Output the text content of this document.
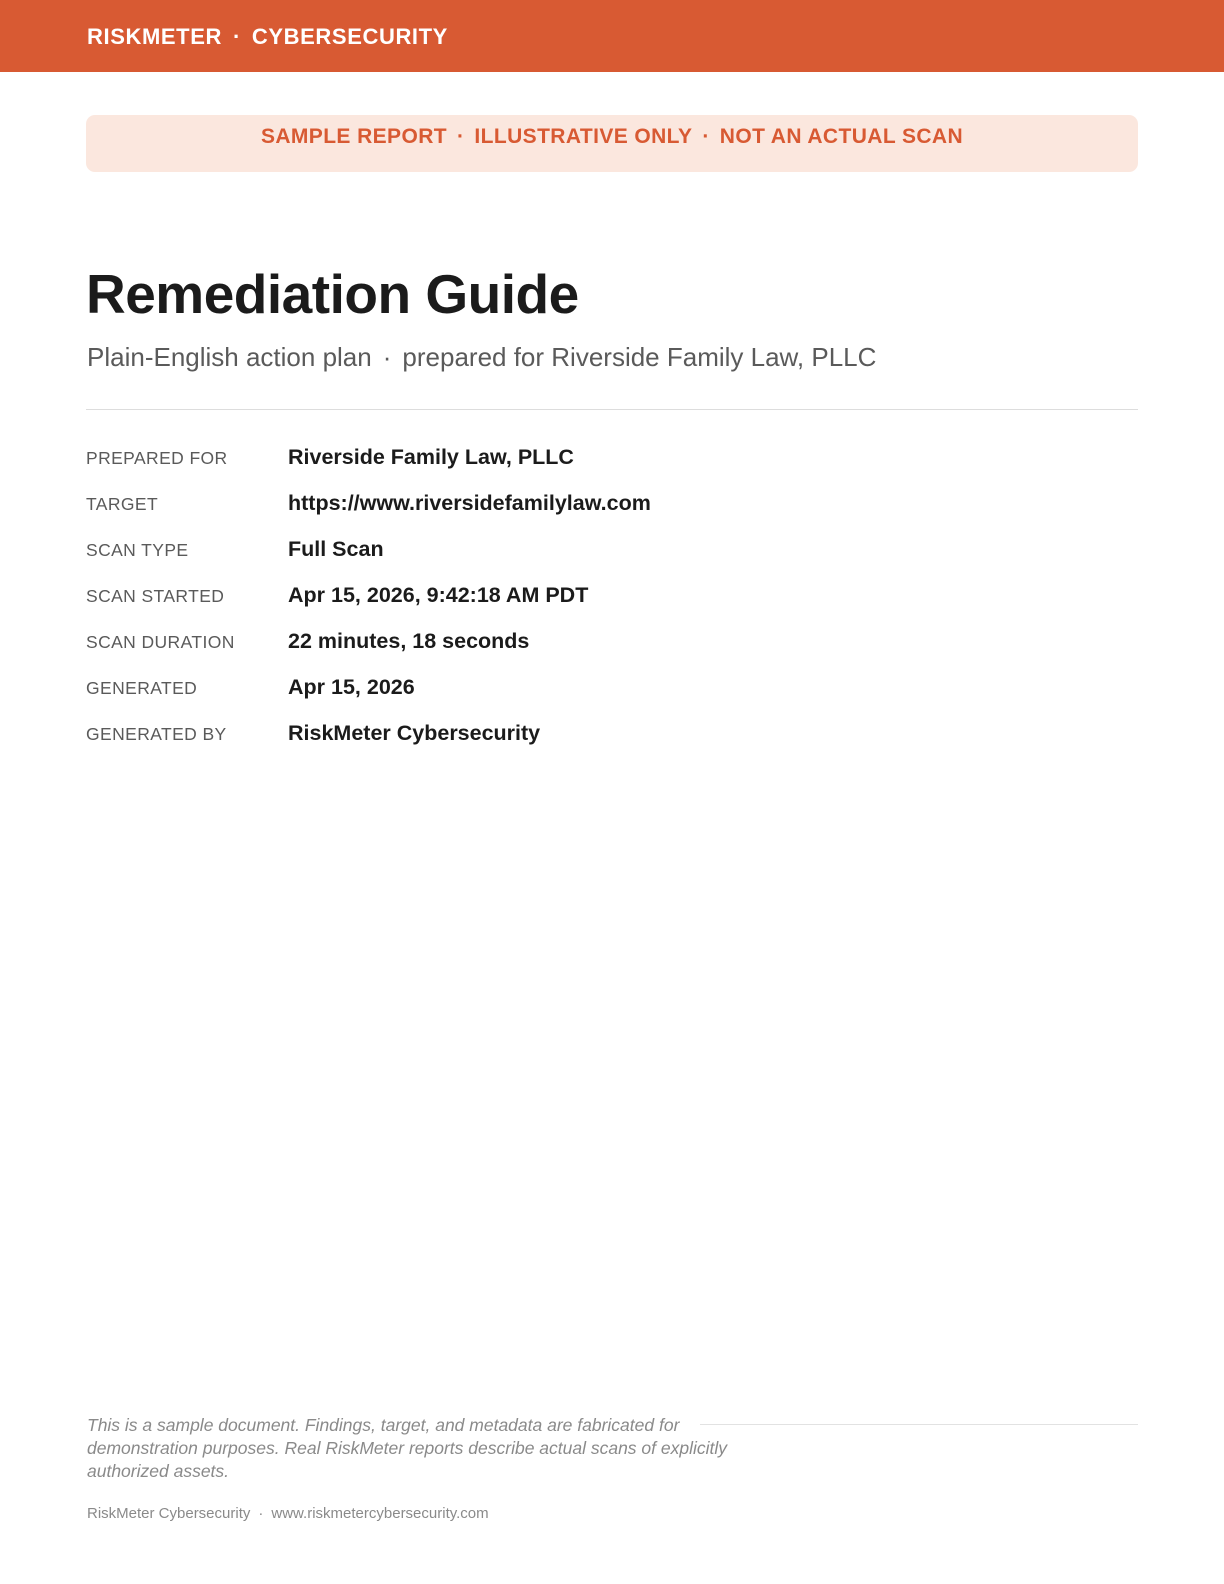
RISKMETER · CYBERSECURITY
SAMPLE REPORT · ILLUSTRATIVE ONLY · NOT AN ACTUAL SCAN
Remediation Guide
Plain-English action plan · prepared for Riverside Family Law, PLLC
PREPARED FOR	Riverside Family Law, PLLC
TARGET	https://www.riversidefamilylaw.com
SCAN TYPE	Full Scan
SCAN STARTED	Apr 15, 2026, 9:42:18 AM PDT
SCAN DURATION	22 minutes, 18 seconds
GENERATED	Apr 15, 2026
GENERATED BY	RiskMeter Cybersecurity

This is a sample document. Findings, target, and metadata are fabricated for demonstration purposes. Real RiskMeter reports describe actual scans of explicitly authorized assets.

RiskMeter Cybersecurity · www.riskmetercybersecurity.com
